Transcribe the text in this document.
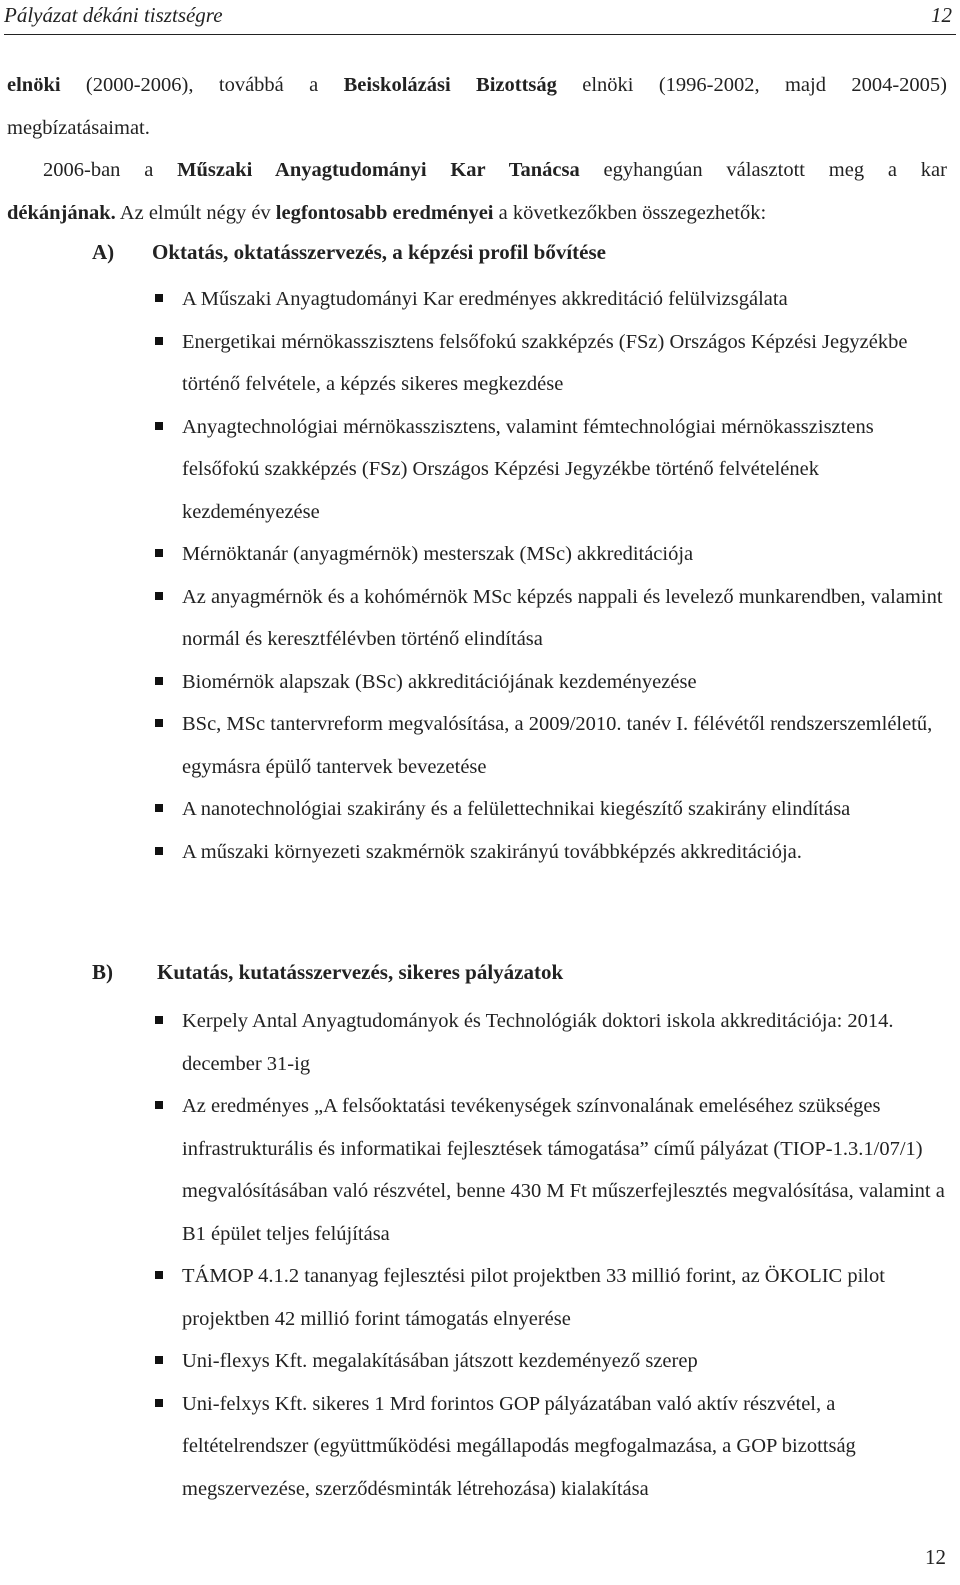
Pályázat dékáni tisztségre	12
elnöki (2000-2006), továbbá a Beiskolázási Bizottság elnöki (1996-2002, majd 2004-2005)
megbízatásaimat.
2006-ban a Műszaki Anyagtudományi Kar Tanácsa egyhangúan választott meg a kar
dékánjának. Az elmúlt négy év legfontosabb eredményei a következőkben összegezhetők:
A) Oktatás, oktatásszervezés, a képzési profil bővítése
A Műszaki Anyagtudományi Kar eredményes akkreditáció felülvizsgálata
Energetikai mérnökasszisztens felsőfokú szakképzés (FSz) Országos Képzési Jegyzékbe történő felvétele, a képzés sikeres megkezdése
Anyagtechnológiai mérnökasszisztens, valamint fémtechnológiai mérnökasszisztens felsőfokú szakképzés (FSz) Országos Képzési Jegyzékbe történő felvételének kezdeményezése
Mérnöktanár (anyagmérnök) mesterszak (MSc) akkreditációja
Az anyagmérnök és a kohómérnök MSc képzés nappali és levelező munkarendben, valamint normál és keresztfélévben történő elindítása
Biomérnök alapszak (BSc) akkreditációjának kezdeményezése
BSc, MSc tantervreform megvalósítása, a 2009/2010. tanév I. félévétől rendszerszemléletű, egymásra épülő tantervek bevezetése
A nanotechnológiai szakirány és a felülettechnikai kiegészítő szakirány elindítása
A műszaki környezeti szakmérnök szakirányú továbbképzés akkreditációja.
B) Kutatás, kutatásszervezés, sikeres pályázatok
Kerpely Antal Anyagtudományok és Technológiák doktori iskola akkreditációja: 2014. december 31-ig
Az eredményes „A felsőoktatási tevékenységek színvonalának emeléséhez szükséges infrastrukturális és informatikai fejlesztések támogatása” című pályázat (TIOP-1.3.1/07/1) megvalósításában való részvétel, benne 430 M Ft műszerfejlesztés megvalósítása, valamint a B1 épület teljes felújítása
TÁMOP 4.1.2 tananyag fejlesztési pilot projektben 33 millió forint, az ÖKOLIC pilot projektben 42 millió forint támogatás elnyerése
Uni-flexys Kft. megalakításában játszott kezdeményező szerep
Uni-felxys Kft. sikeres 1 Mrd forintos GOP pályázatában való aktív részvétel, a feltételrendszer (együttműködési megállapodás megfogalmazása, a GOP bizottság megszervezése, szerződésminták létrehozása) kialakítása
12
